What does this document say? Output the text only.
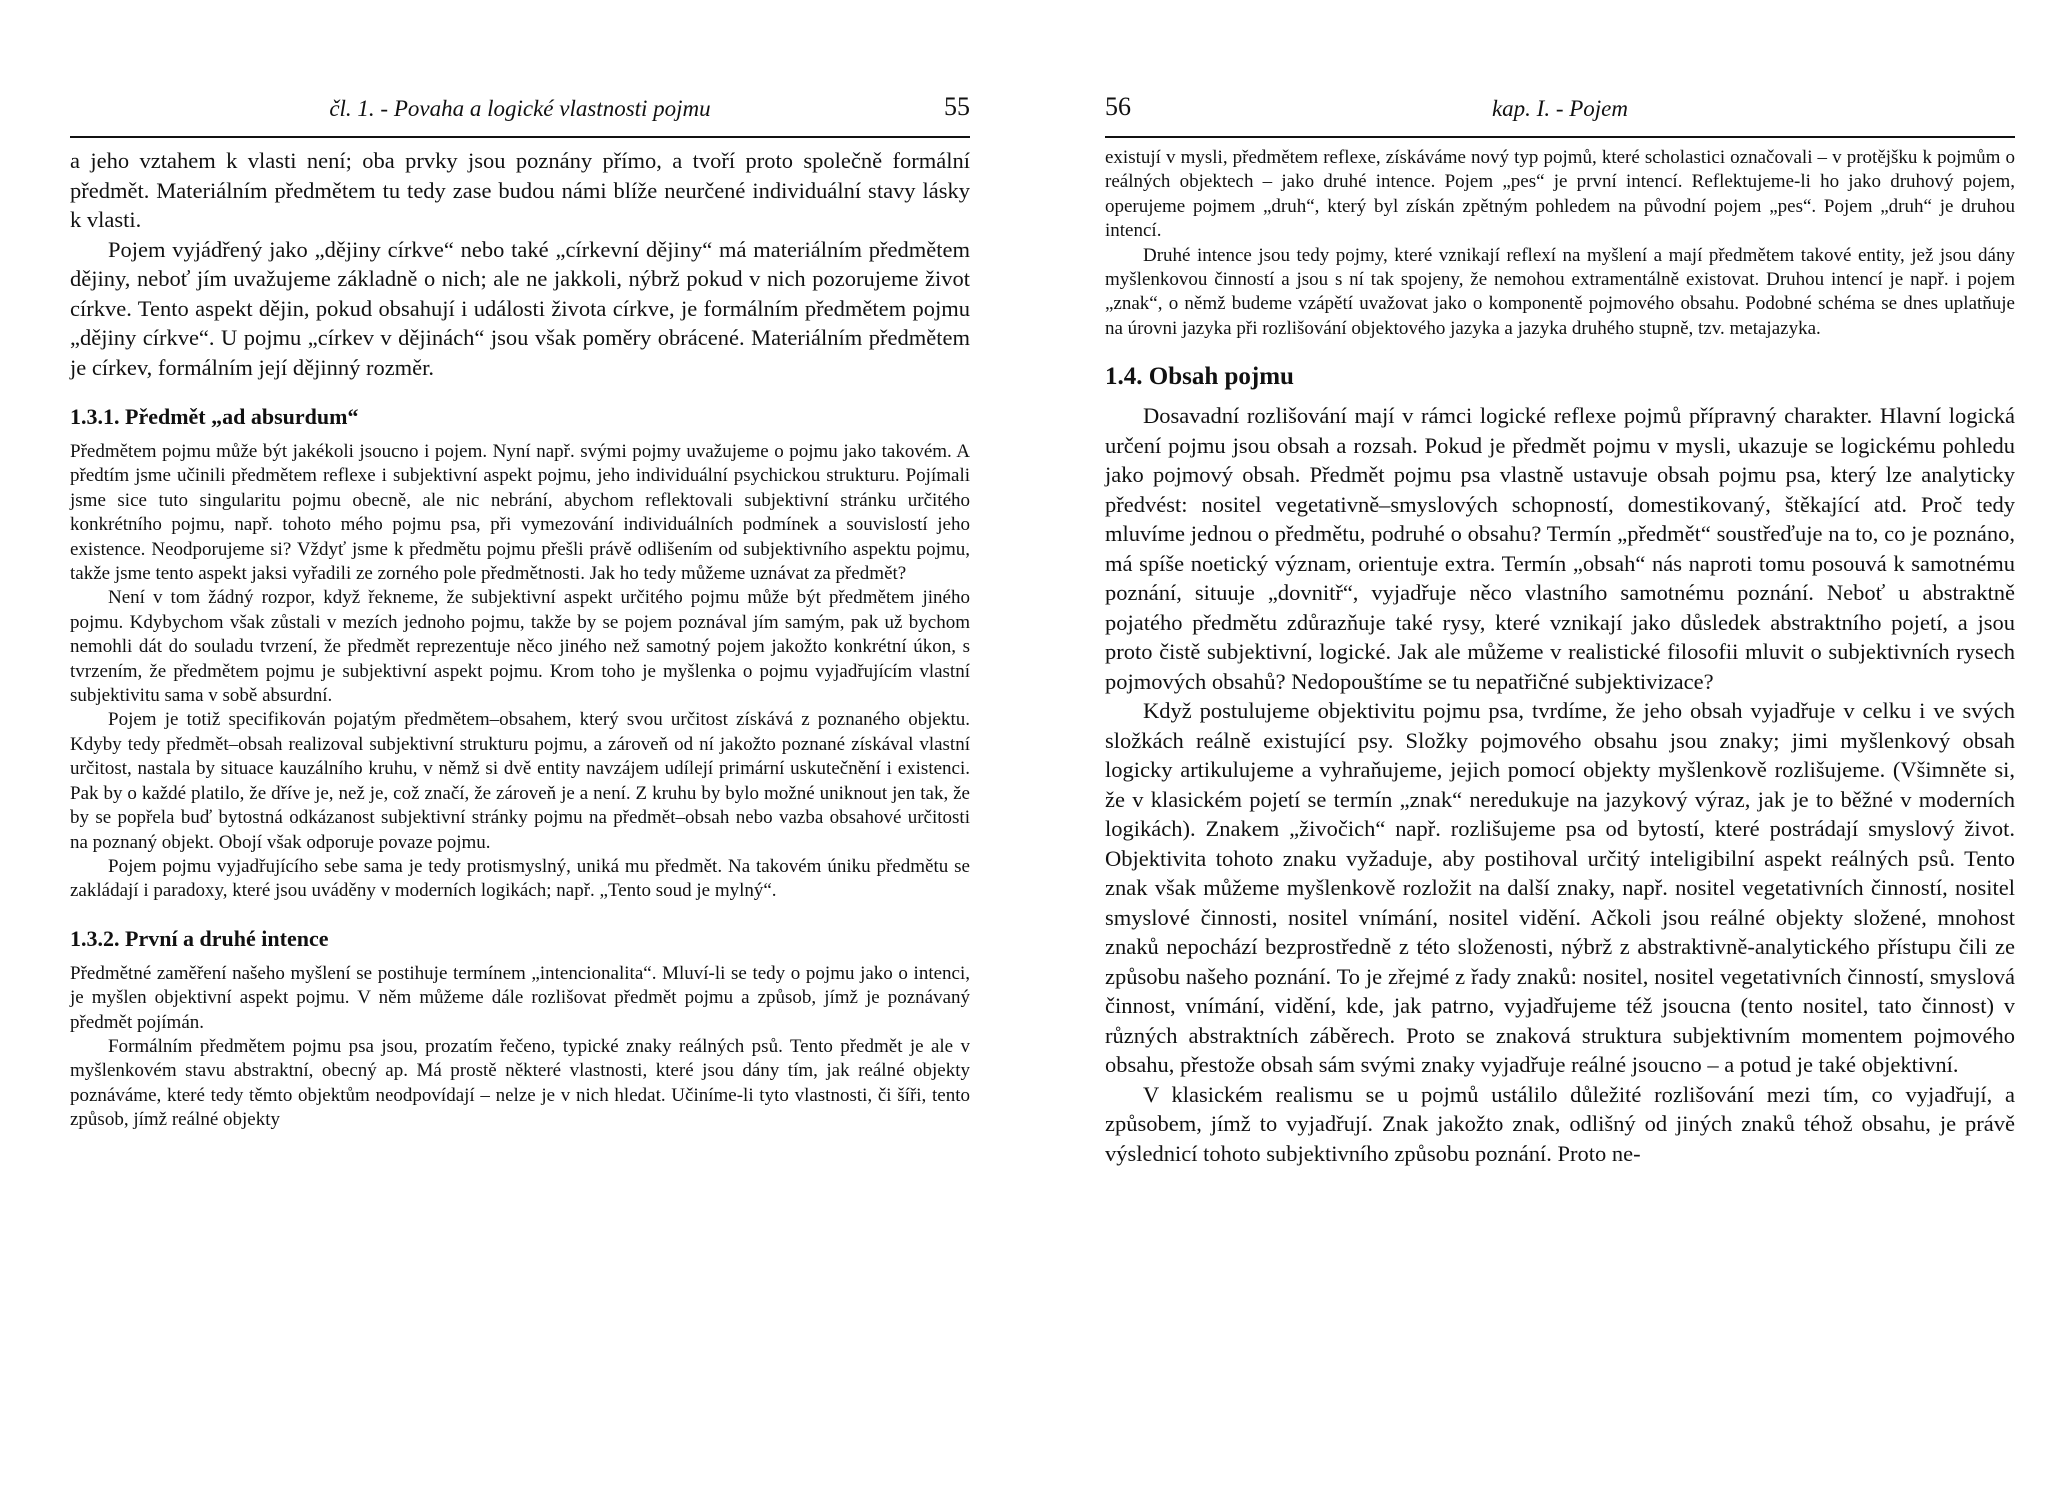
čl. 1. - Povaha a logické vlastnosti pojmu	55

a jeho vztahem k vlasti není; oba prvky jsou poznány přímo, a tvoří proto společně formální předmět. Materiálním předmětem tu tedy zase budou námi blíže neurčené individuální stavy lásky k vlasti.

Pojem vyjádřený jako „dějiny církve“ nebo také „církevní dějiny“ má materiálním předmětem dějiny, neboť jím uvažujeme základně o nich; ale ne jakkoli, nýbrž pokud v nich pozorujeme život církve. Tento aspekt dějin, pokud obsahují i události života církve, je formálním předmětem pojmu „dějiny církve“. U pojmu „církev v dějinách“ jsou však poměry obrácené. Materiálním předmětem je církev, formálním její dějinný rozměr.

1.3.1. Předmět „ad absurdum“

Předmětem pojmu může být jakékoli jsoucno i pojem. Nyní např. svými pojmy uvažujeme o pojmu jako takovém. A předtím jsme učinili předmětem reflexe i subjektivní aspekt pojmu, jeho individuální psychickou strukturu. Pojímali jsme sice tuto singularitu pojmu obecně, ale nic nebrání, abychom reflektovali subjektivní stránku určitého konkrétního pojmu, např. tohoto mého pojmu psa, při vymezování individuálních podmínek a souvislostí jeho existence. Neodporujeme si? Vždyť jsme k předmětu pojmu přešli právě odlišením od subjektivního aspektu pojmu, takže jsme tento aspekt jaksi vyřadili ze zorného pole předmětnosti. Jak ho tedy můžeme uznávat za předmět?

Není v tom žádný rozpor, když řekneme, že subjektivní aspekt určitého pojmu může být předmětem jiného pojmu. Kdybychom však zůstali v mezích jednoho pojmu, takže by se pojem poznával jím samým, pak už bychom nemohli dát do souladu tvrzení, že předmět reprezentuje něco jiného než samotný pojem jakožto konkrétní úkon, s tvrzením, že předmětem pojmu je subjektivní aspekt pojmu. Krom toho je myšlenka o pojmu vyjadřujícím vlastní subjektivitu sama v sobě absurdní.

Pojem je totiž specifikován pojatým předmětem–obsahem, který svou určitost získává z poznaného objektu. Kdyby tedy předmět–obsah realizoval subjektivní strukturu pojmu, a zároveň od ní jakožto poznané získával vlastní určitost, nastala by situace kauzálního kruhu, v němž si dvě entity navzájem udílejí primární uskutečnění i existenci. Pak by o každé platilo, že dříve je, než je, což značí, že zároveň je a není. Z kruhu by bylo možné uniknout jen tak, že by se popřela buď bytostná odkázanost subjektivní stránky pojmu na předmět–obsah nebo vazba obsahové určitosti na poznaný objekt. Obojí však odporuje povaze pojmu.

Pojem pojmu vyjadřujícího sebe sama je tedy protismyslný, uniká mu předmět. Na takovém úniku předmětu se zakládají i paradoxy, které jsou uváděny v moderních logikách; např. „Tento soud je mylný“.

1.3.2. První a druhé intence

Předmětné zaměření našeho myšlení se postihuje termínem „intencionalita“. Mluví-li se tedy o pojmu jako o intenci, je myšlen objektivní aspekt pojmu. V něm můžeme dále rozlišovat předmět pojmu a způsob, jímž je poznávaný předmět pojímán.

Formálním předmětem pojmu psa jsou, prozatím řečeno, typické znaky reálných psů. Tento předmět je ale v myšlenkovém stavu abstraktní, obecný ap. Má prostě některé vlastnosti, které jsou dány tím, jak reálné objekty poznáváme, které tedy těmto objektům neodpovídají – nelze je v nich hledat. Učiníme-li tyto vlastnosti, či šíři, tento způsob, jímž reálné objekty

56	kap. I. - Pojem

existují v mysli, předmětem reflexe, získáváme nový typ pojmů, které scholastici označovali – v protějšku k pojmům o reálných objektech – jako druhé intence. Pojem „pes“ je první intencí. Reflektujeme-li ho jako druhový pojem, operujeme pojmem „druh“, který byl získán zpětným pohledem na původní pojem „pes“. Pojem „druh“ je druhou intencí.

Druhé intence jsou tedy pojmy, které vznikají reflexí na myšlení a mají předmětem takové entity, jež jsou dány myšlenkovou činností a jsou s ní tak spojeny, že nemohou extramentálně existovat. Druhou intencí je např. i pojem „znak“, o němž budeme vzápětí uvažovat jako o komponentě pojmového obsahu. Podobné schéma se dnes uplatňuje na úrovni jazyka při rozlišování objektového jazyka a jazyka druhého stupně, tzv. metajazyka.

1.4. Obsah pojmu

Dosavadní rozlišování mají v rámci logické reflexe pojmů přípravný charakter. Hlavní logická určení pojmu jsou obsah a rozsah. Pokud je předmět pojmu v mysli, ukazuje se logickému pohledu jako pojmový obsah. Předmět pojmu psa vlastně ustavuje obsah pojmu psa, který lze analyticky předvést: nositel vegetativně–smyslových schopností, domestikovaný, štěkající atd. Proč tedy mluvíme jednou o předmětu, podruhé o obsahu? Termín „předmět“ soustřeďuje na to, co je poznáno, má spíše noetický význam, orientuje extra. Termín „obsah“ nás naproti tomu posouvá k samotnému poznání, situuje „dovnitř“, vyjadřuje něco vlastního samotnému poznání. Neboť u abstraktně pojatého předmětu zdůrazňuje také rysy, které vznikají jako důsledek abstraktního pojetí, a jsou proto čistě subjektivní, logické. Jak ale můžeme v realistické filosofii mluvit o subjektivních rysech pojmových obsahů? Nedopouštíme se tu nepatřičné subjektivizace?

Když postulujeme objektivitu pojmu psa, tvrdíme, že jeho obsah vyjadřuje v celku i ve svých složkách reálně existující psy. Složky pojmového obsahu jsou znaky; jimi myšlenkový obsah logicky artikulujeme a vyhraňujeme, jejich pomocí objekty myšlenkově rozlišujeme. (Všimněte si, že v klasickém pojetí se termín „znak“ neredukuje na jazykový výraz, jak je to běžné v moderních logikách). Znakem „živočich“ např. rozlišujeme psa od bytostí, které postrádají smyslový život. Objektivita tohoto znaku vyžaduje, aby postihoval určitý inteligibilní aspekt reálných psů. Tento znak však můžeme myšlenkově rozložit na další znaky, např. nositel vegetativních činností, nositel smyslové činnosti, nositel vnímání, nositel vidění. Ačkoli jsou reálné objekty složené, mnohost znaků nepochází bezprostředně z této složenosti, nýbrž z abstraktivně-analytického přístupu čili ze způsobu našeho poznání. To je zřejmé z řady znaků: nositel, nositel vegetativních činností, smyslová činnost, vnímání, vidění, kde, jak patrno, vyjadřujeme též jsoucna (tento nositel, tato činnost) v různých abstraktních záběrech. Proto se znaková struktura subjektivním momentem pojmového obsahu, přestože obsah sám svými znaky vyjadřuje reálné jsoucno – a potud je také objektivní.

V klasickém realismu se u pojmů ustálilo důležité rozlišování mezi tím, co vyjadřují, a způsobem, jímž to vyjadřují. Znak jakožto znak, odlišný od jiných znaků téhož obsahu, je právě výslednicí tohoto subjektivního způsobu poznání. Proto ne-
